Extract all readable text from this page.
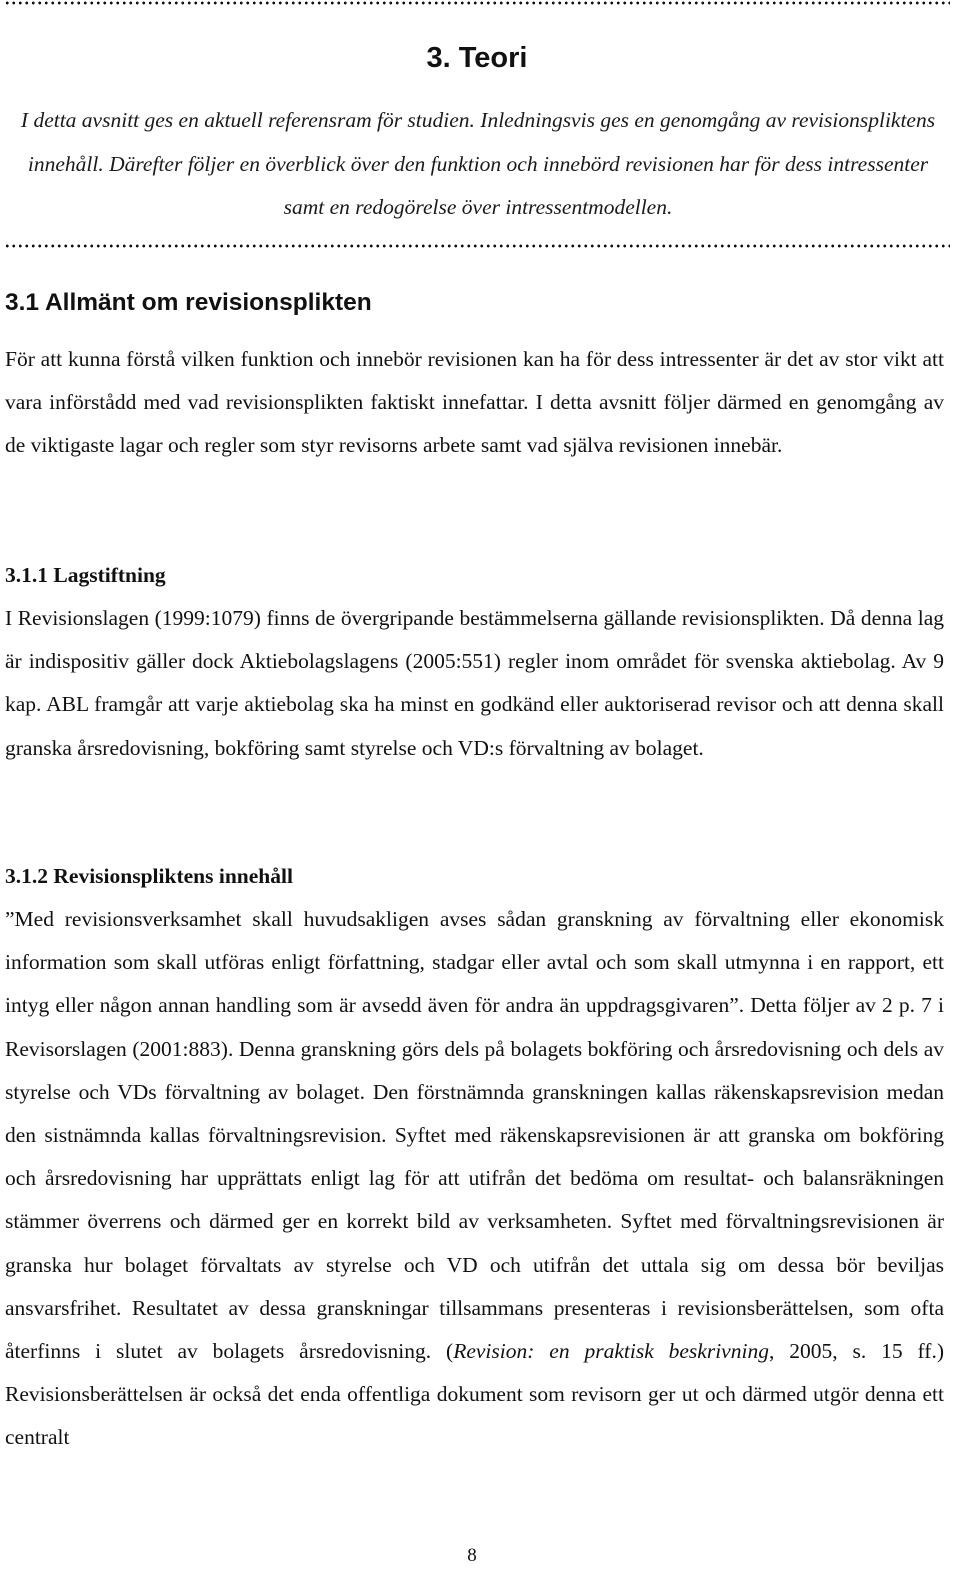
3. Teori

I detta avsnitt ges en aktuell referensram för studien. Inledningsvis ges en genomgång av revisionspliktens innehåll. Därefter följer en överblick över den funktion och innebörd revisionen har för dess intressenter samt en redogörelse över intressentmodellen.

3.1 Allmänt om revisionsplikten

För att kunna förstå vilken funktion och innebör revisionen kan ha för dess intressenter är det av stor vikt att vara införstådd med vad revisionsplikten faktiskt innefattar. I detta avsnitt följer därmed en genomgång av de viktigaste lagar och regler som styr revisorns arbete samt vad själva revisionen innebär.

3.1.1 Lagstiftning

I Revisionslagen (1999:1079) finns de övergripande bestämmelserna gällande revisionsplikten. Då denna lag är indispositiv gäller dock Aktiebolagslagens (2005:551) regler inom området för svenska aktiebolag. Av 9 kap. ABL framgår att varje aktiebolag ska ha minst en godkänd eller auktoriserad revisor och att denna skall granska årsredovisning, bokföring samt styrelse och VD:s förvaltning av bolaget.

3.1.2 Revisionspliktens innehåll

”Med revisionsverksamhet skall huvudsakligen avses sådan granskning av förvaltning eller ekonomisk information som skall utföras enligt författning, stadgar eller avtal och som skall utmynna i en rapport, ett intyg eller någon annan handling som är avsedd även för andra än uppdragsgivaren”. Detta följer av 2 p. 7 i Revisorslagen (2001:883). Denna granskning görs dels på bolagets bokföring och årsredovisning och dels av styrelse och VDs förvaltning av bolaget. Den förstnämnda granskningen kallas räkenskapsrevision medan den sistnämnda kallas förvaltningsrevision. Syftet med räkenskapsrevisionen är att granska om bokföring och årsredovisning har upprättats enligt lag för att utifrån det bedöma om resultat- och balansräkningen stämmer överrens och därmed ger en korrekt bild av verksamheten. Syftet med förvaltningsrevisionen är granska hur bolaget förvaltats av styrelse och VD och utifrån det uttala sig om dessa bör beviljas ansvarsfrihet. Resultatet av dessa granskningar tillsammans presenteras i revisionsberättelsen, som ofta återfinns i slutet av bolagets årsredovisning. (Revision: en praktisk beskrivning, 2005, s. 15 ff.) Revisionsberättelsen är också det enda offentliga dokument som revisorn ger ut och därmed utgör denna ett centralt

8
